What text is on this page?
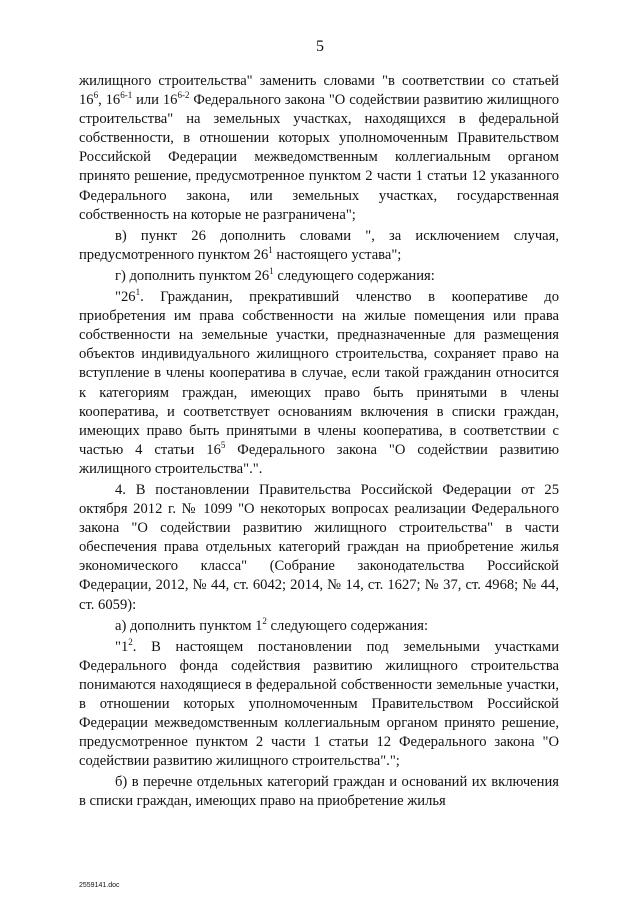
5

жилищного строительства" заменить словами "в соответствии со статьей $16^6$, 16$^{6-1}$ или 16$^{6-2}$ Федерального закона "О содействии развитию жилищного строительства" на земельных участках, находящихся в федеральной собственности, в отношении которых уполномоченным Правительством Российской Федерации межведомственным коллегиальным органом принято решение, предусмотренное пунктом 2 части 1 статьи 12 указанного Федерального закона, или земельных участках, государственная собственность на которые не разграничена";

в) пункт 26 дополнить словами ", за исключением случая, предусмотренного пунктом $26^1$ настоящего устава";

г) дополнить пунктом $26^1$ следующего содержания:

"$26^1$. Гражданин, прекративший членство в кооперативе до приобретения им права собственности на жилые помещения или права собственности на земельные участки, предназначенные для размещения объектов индивидуального жилищного строительства, сохраняет право на вступление в члены кооператива в случае, если такой гражданин относится к категориям граждан, имеющих право быть принятыми в члены кооператива, и соответствует основаниям включения в списки граждан, имеющих право быть принятыми в члены кооператива, в соответствии с частью 4 статьи $16^5$ Федерального закона "О содействии развитию жилищного строительства".".

4. В постановлении Правительства Российской Федерации от 25 октября 2012 г. № 1099 "О некоторых вопросах реализации Федерального закона "О содействии развитию жилищного строительства" в части обеспечения права отдельных категорий граждан на приобретение жилья экономического класса" (Собрание законодательства Российской Федерации, 2012, № 44, ст. 6042; 2014, № 14, ст. 1627; № 37, ст. 4968; № 44, ст. 6059):

а) дополнить пунктом $1^2$ следующего содержания:

"$1^2$. В настоящем постановлении под земельными участками Федерального фонда содействия развитию жилищного строительства понимаются находящиеся в федеральной собственности земельные участки, в отношении которых уполномоченным Правительством Российской Федерации межведомственным коллегиальным органом принято решение, предусмотренное пунктом 2 части 1 статьи 12 Федерального закона "О содействии развитию жилищного строительства".";

б) в перечне отдельных категорий граждан и оснований их включения в списки граждан, имеющих право на приобретение жилья

2559141.doc
